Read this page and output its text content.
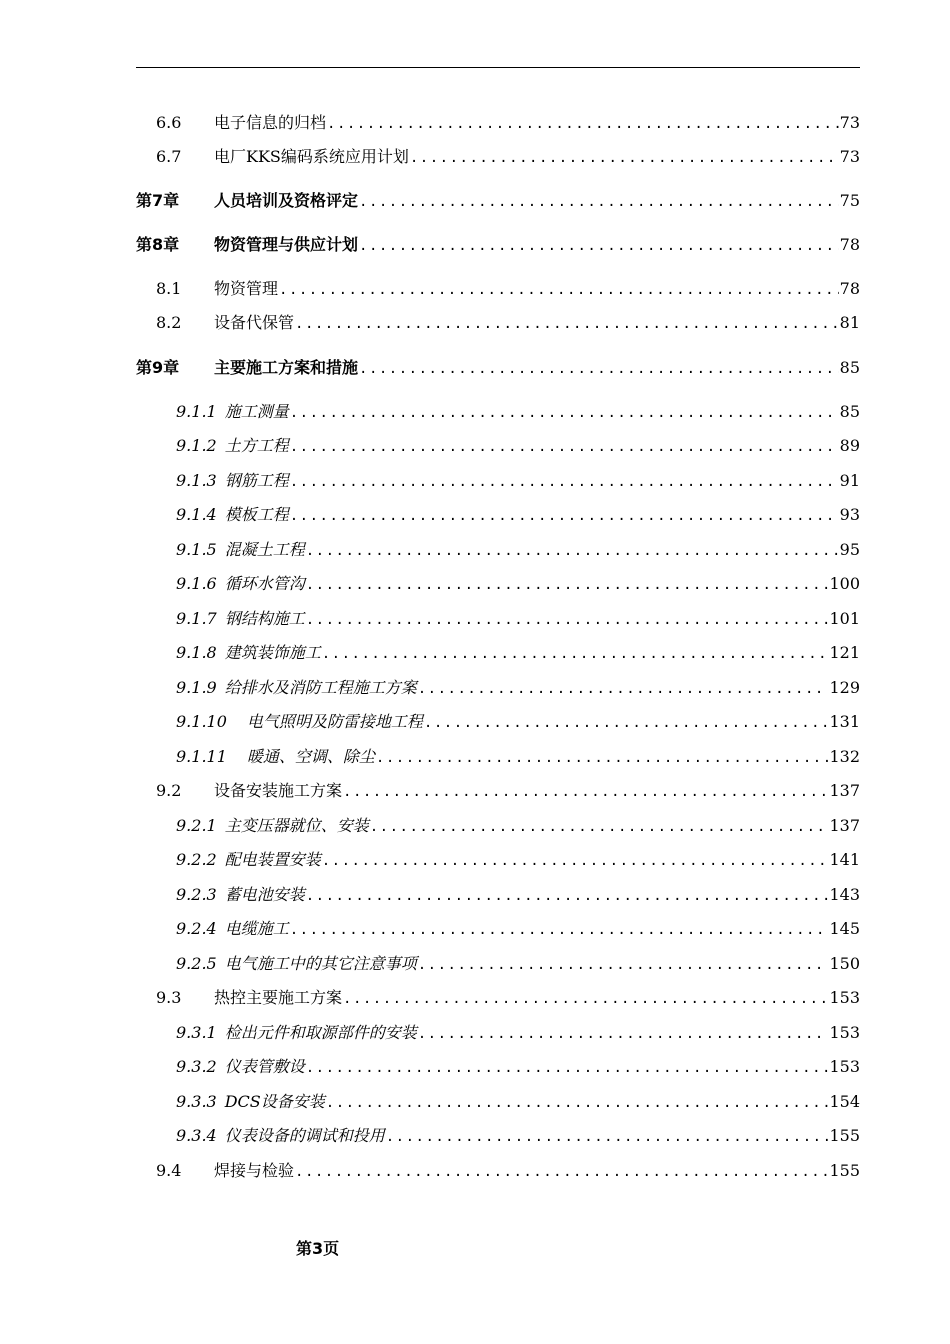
6.6	电子信息的归档 .....	73
6.7	电厂KKS编码系统应用计划 .....	73
第7章	人员培训及资格评定 .....	75
第8章	物资管理与供应计划 .....	78
8.1	物资管理 .....	78
8.2	设备代保管 .....	81
第9章	主要施工方案和措施 .....	85
9.1.1 施工测量 .....	85
9.1.2 土方工程 .....	89
9.1.3 钢筋工程 .....	91
9.1.4 模板工程 .....	93
9.1.5 混凝土工程 .....	95
9.1.6 循环水管沟 .....	100
9.1.7 钢结构施工 .....	101
9.1.8 建筑装饰施工 .....	121
9.1.9 给排水及消防工程施工方案 .....	129
9.1.10 电气照明及防雷接地工程 .....	131
9.1.11 暖通、空调、除尘 .....	132
9.2	设备安装施工方案 .....	137
9.2.1 主变压器就位、安装 .....	137
9.2.2 配电装置安装 .....	141
9.2.3 蓄电池安装 .....	143
9.2.4 电缆施工 .....	145
9.2.5 电气施工中的其它注意事项 .....	150
9.3	热控主要施工方案 .....	153
9.3.1 检出元件和取源部件的安装 .....	153
9.3.2 仪表管敷设 .....	153
9.3.3 DCS设备安装 .....	154
9.3.4 仪表设备的调试和投用 .....	155
9.4	焊接与检验 .....	155
第3页
